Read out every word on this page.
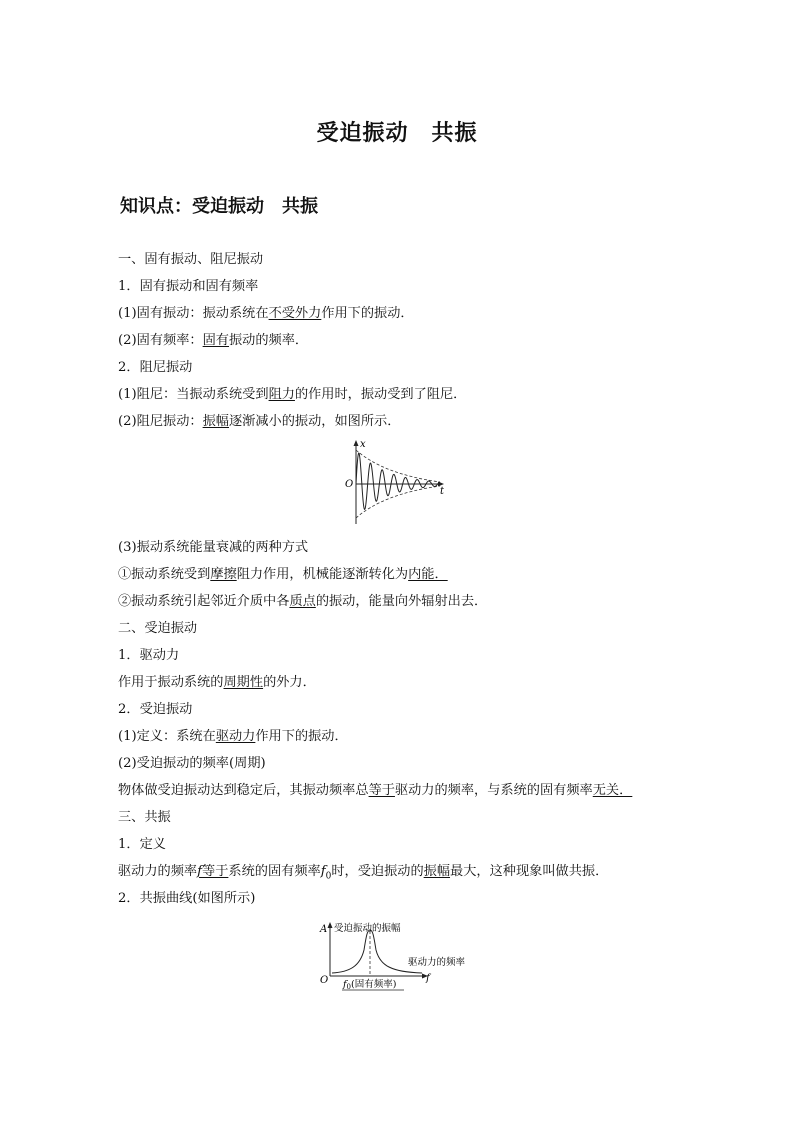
受迫振动　共振
知识点：受迫振动　共振
一、固有振动、阻尼振动
1．固有振动和固有频率
(1)固有振动：振动系统在不受外力作用下的振动．
(2)固有频率：固有振动的频率．
2．阻尼振动
(1)阻尼：当振动系统受到阻力的作用时，振动受到了阻尼．
(2)阻尼振动：振幅逐渐减小的振动，如图所示．
(3)振动系统能量衰减的两种方式
①振动系统受到摩擦阻力作用，机械能逐渐转化为内能．
②振动系统引起邻近介质中各质点的振动，能量向外辐射出去．
二、受迫振动
1．驱动力
作用于振动系统的周期性的外力．
2．受迫振动
(1)定义：系统在驱动力作用下的振动．
(2)受迫振动的频率(周期)
物体做受迫振动达到稳定后，其振动频率总等于驱动力的频率，与系统的固有频率无关．
三、共振
1．定义
驱动力的频率f等于系统的固有频率$f_0$时，受迫振动的振幅最大，这种现象叫做共振．
2．共振曲线(如图所示)
x
t
O
A 受迫振动的振幅
驱动力的频率
f
O $f_0$(固有频率)
